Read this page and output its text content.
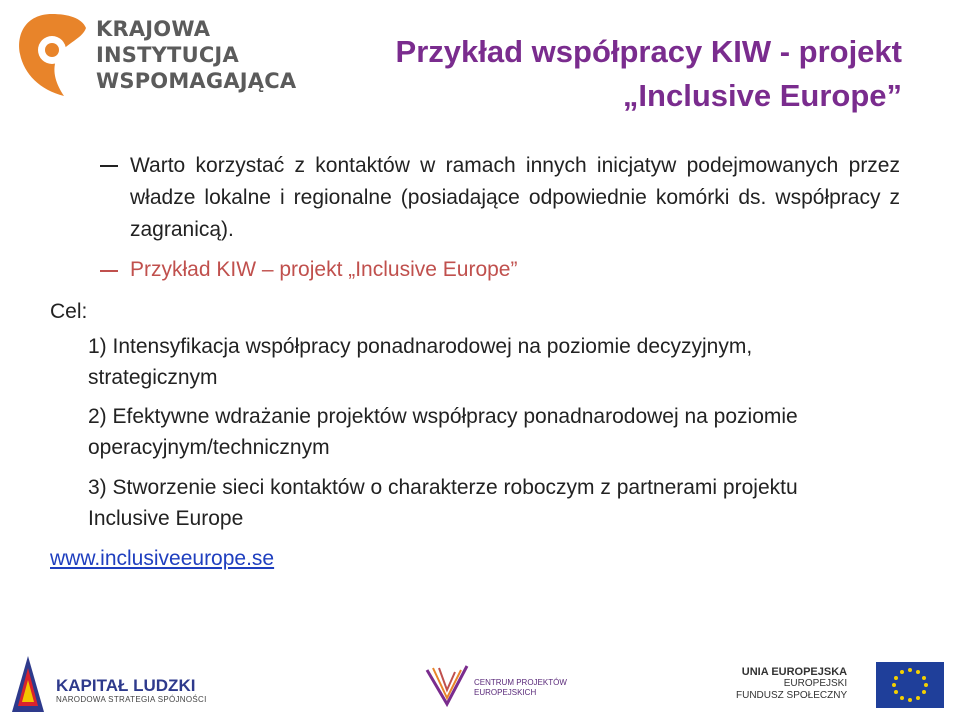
KRAJOWA
INSTYTUCJA
WSPOMAGAJĄCA
Przykład współpracy KIW - projekt
„Inclusive Europe”

Warto korzystać z kontaktów w ramach innych inicjatyw podejmowanych przez władze lokalne i regionalne (posiadające odpowiednie komórki ds. współpracy z zagranicą).

Przykład KIW – projekt „Inclusive Europe”

Cel:
1) Intensyfikacja współpracy ponadnarodowej na poziomie decyzyjnym, strategicznym
2) Efektywne wdrażanie projektów współpracy ponadnarodowej na poziomie operacyjnym/technicznym
3) Stworzenie sieci kontaktów o charakterze roboczym z partnerami projektu Inclusive Europe
www.inclusiveeurope.se
KAPITAŁ LUDZKI
NARODOWA STRATEGIA SPÓJNOŚCI
CENTRUM PROJEKTÓW
EUROPEJSKICH
UNIA EUROPEJSKA
EUROPEJSKI
FUNDUSZ SPOŁECZNY
